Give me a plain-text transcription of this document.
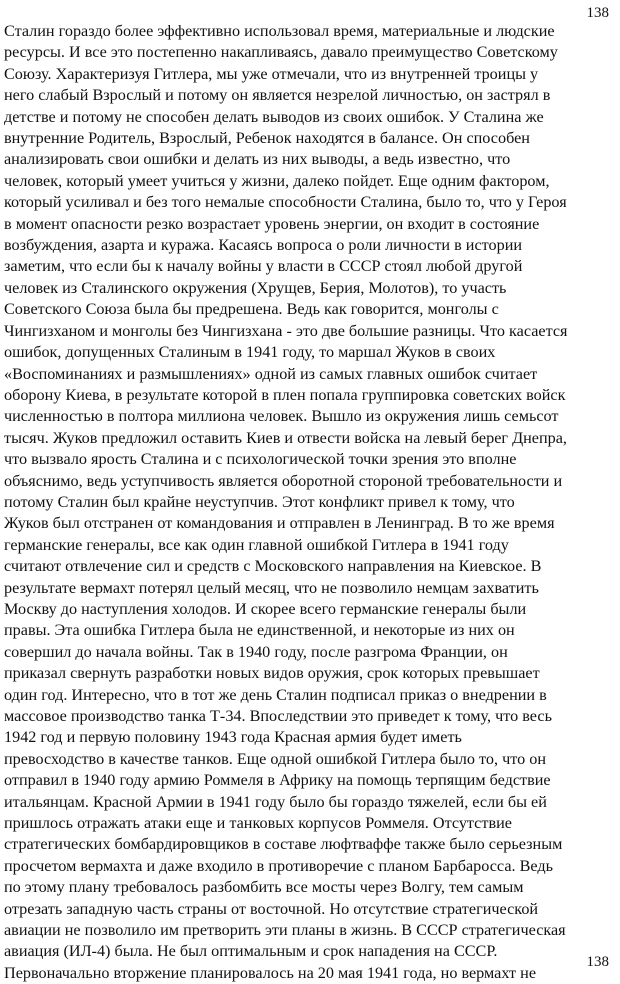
138
Сталин гораздо более эффективно использовал время, материальные и людские
ресурсы. И все это постепенно накапливаясь, давало преимущество Советскому
Союзу. Характеризуя Гитлера, мы уже отмечали, что из внутренней троицы у
него слабый Взрослый и потому он является незрелой личностью, он застрял в
детстве и потому не способен делать выводов из своих ошибок. У Сталина же
внутренние Родитель, Взрослый, Ребенок находятся в балансе. Он способен
анализировать свои ошибки и делать из них выводы, а ведь известно, что
человек, который умеет учиться у жизни, далеко пойдет. Еще одним фактором,
который усиливал и без того немалые способности Сталина, было то, что у Героя
в момент опасности резко возрастает уровень энергии, он входит в состояние
возбуждения, азарта и куража. Касаясь вопроса о роли личности в истории
заметим, что если бы к началу войны у власти в СССР стоял любой другой
человек из Сталинского окружения (Хрущев, Берия, Молотов), то участь
Советского Союза была бы предрешена. Ведь как говорится, монголы с
Чингизханом и монголы без Чингизхана - это две большие разницы. Что касается
ошибок, допущенных Сталиным в 1941 году, то маршал Жуков в своих
«Воспоминаниях и размышлениях» одной из самых главных ошибок считает
оборону Киева, в результате которой в плен попала группировка советских войск
численностью в полтора миллиона человек. Вышло из окружения лишь семьсот
тысяч. Жуков предложил оставить Киев и отвести войска на левый берег Днепра,
что вызвало ярость Сталина и с психологической точки зрения это вполне
объяснимо, ведь уступчивость является оборотной стороной требовательности и
потому Сталин был крайне неуступчив. Этот конфликт привел к тому, что
Жуков был отстранен от командования и отправлен в Ленинград. В то же время
германские генералы, все как один главной ошибкой Гитлера в 1941 году
считают отвлечение сил и средств с Московского направления на Киевское. В
результате вермахт потерял целый месяц, что не позволило немцам захватить
Москву до наступления холодов. И скорее всего германские генералы были
правы. Эта ошибка Гитлера была не единственной, и некоторые из них он
совершил до начала войны. Так в 1940 году, после разгрома Франции, он
приказал свернуть разработки новых видов оружия, срок которых превышает
один год. Интересно, что в тот же день Сталин подписал приказ о внедрении в
массовое производство танка Т-34. Впоследствии это приведет к тому, что весь
1942 год и первую половину 1943 года Красная армия будет иметь
превосходство в качестве танков. Еще одной ошибкой Гитлера было то, что он
отправил в 1940 году армию Роммеля в Африку на помощь терпящим бедствие
итальянцам. Красной Армии в 1941 году было бы гораздо тяжелей, если бы ей
пришлось отражать атаки еще и танковых корпусов Роммеля. Отсутствие
стратегических бомбардировщиков в составе люфтваффе также было серьезным
просчетом вермахта и даже входило в противоречие с планом Барбаросса. Ведь
по этому плану требовалось разбомбить все мосты через Волгу, тем самым
отрезать западную часть страны от восточной. Но отсутствие стратегической
авиации не позволило им претворить эти планы в жизнь. В СССР стратегическая
авиация (ИЛ-4) была. Не был оптимальным и срок нападения на СССР.
Первоначально вторжение планировалось на 20 мая 1941 года, но вермахт не
138
